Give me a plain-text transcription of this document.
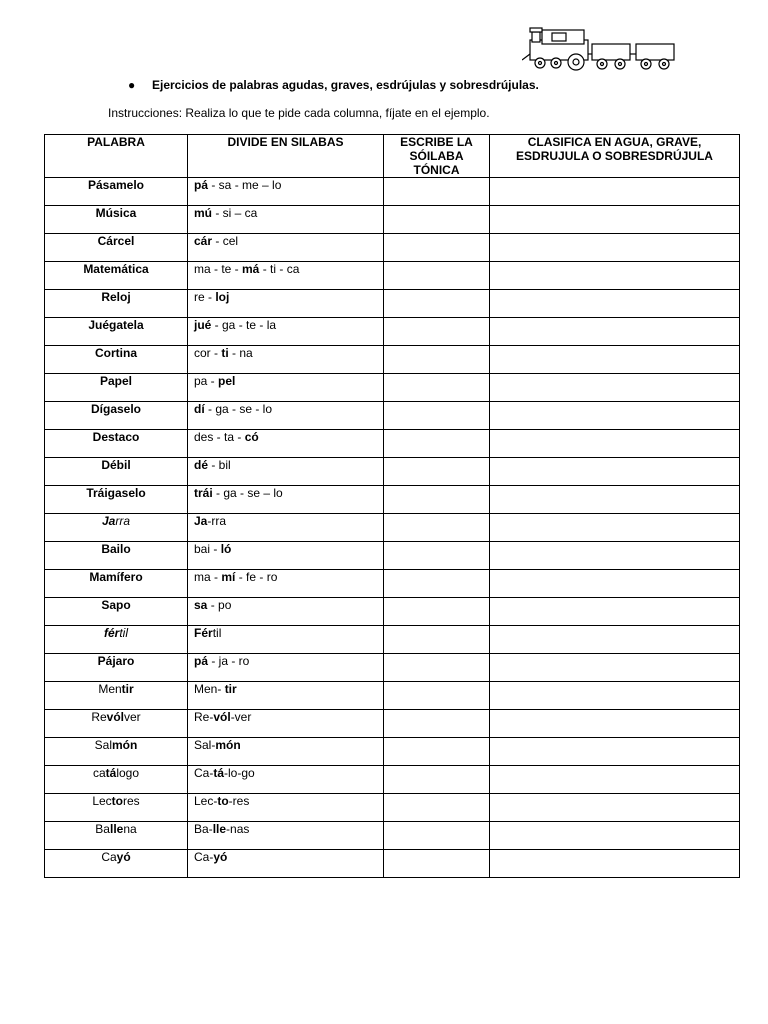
● Ejercicios de palabras agudas, graves, esdrújulas y sobresdrújulas.
Instrucciones: Realiza lo que te pide cada columna, fíjate en el ejemplo.
PALABRA	DIVIDE EN SILABAS	ESCRIBE LA SÓILABA TÓNICA	CLASIFICA EN AGUA, GRAVE, ESDRUJULA O SOBRESDRÚJULA
Pásamelo	pá - sa - me – lo		
Música	mú - si – ca		
Cárcel	cár - cel		
Matemática	ma - te - má - ti - ca		
Reloj	re - loj		
Juégatela	jué - ga - te - la		
Cortina	cor - ti - na		
Papel	pa - pel		
Dígaselo	dí - ga - se - lo		
Destaco	des - ta - có		
Débil	dé - bil		
Tráigaselo	trái - ga - se – lo		
Jarra	Ja-rra		
Bailo	bai - ló		
Mamífero	ma - mí - fe - ro		
Sapo	sa - po		
fértil	Fértil		
Pájaro	pá - ja - ro		
Mentir	Men- tir		
Revólver	Re-vól-ver		
Salmón	Sal-món		
catálogo	Ca-tá-lo-go		
Lectores	Lec-to-res		
Ballena	Ba-lle-nas		
Cayó	Ca-yó		
